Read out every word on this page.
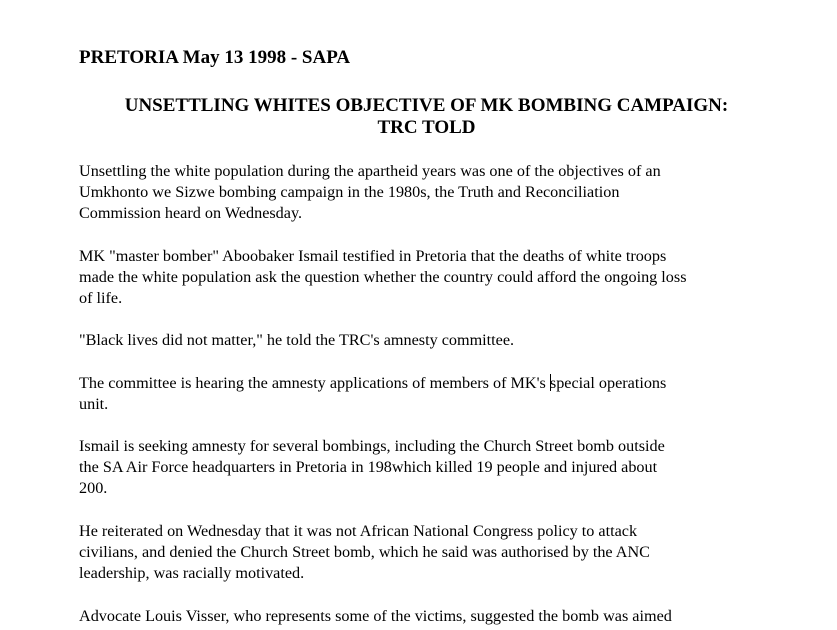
PRETORIA May 13 1998 - SAPA
UNSETTLING WHITES OBJECTIVE OF MK BOMBING CAMPAIGN:
TRC TOLD
Unsettling the white population during the apartheid years was one of the objectives of an
Umkhonto we Sizwe bombing campaign in the 1980s, the Truth and Reconciliation
Commission heard on Wednesday.
MK "master bomber" Aboobaker Ismail testified in Pretoria that the deaths of white troops
made the white population ask the question whether the country could afford the ongoing loss
of life.
"Black lives did not matter," he told the TRC's amnesty committee.
The committee is hearing the amnesty applications of members of MK's special operations
unit.
Ismail is seeking amnesty for several bombings, including the Church Street bomb outside
the SA Air Force headquarters in Pretoria in 198which killed 19 people and injured about
200.
He reiterated on Wednesday that it was not African National Congress policy to attack
civilians, and denied the Church Street bomb, which he said was authorised by the ANC
leadership, was racially motivated.
Advocate Louis Visser, who represents some of the victims, suggested the bomb was aimed
